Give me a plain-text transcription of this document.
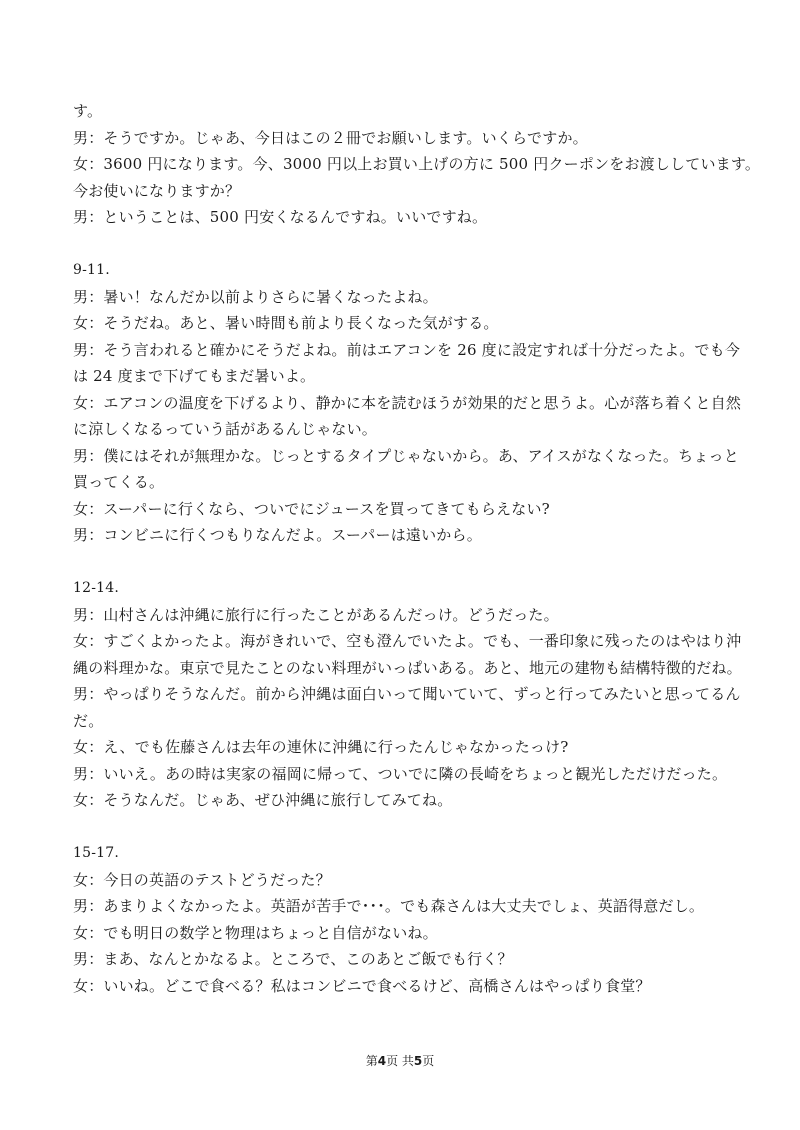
す。
男：そうですか。じゃあ、今日はこの２冊でお願いします。いくらですか。
女：3600 円になります。今、3000 円以上お買い上げの方に 500 円クーポンをお渡ししています。
今お使いになりますか？
男：ということは、500 円安くなるんですね。いいですね。
9-11.
男：暑い！なんだか以前よりさらに暑くなったよね。
女：そうだね。あと、暑い時間も前より長くなった気がする。
男：そう言われると確かにそうだよね。前はエアコンを 26 度に設定すれば十分だったよ。でも今
は 24 度まで下げてもまだ暑いよ。
女：エアコンの温度を下げるより、静かに本を読むほうが効果的だと思うよ。心が落ち着くと自然
に涼しくなるっていう話があるんじゃない。
男：僕にはそれが無理かな。じっとするタイプじゃないから。あ、アイスがなくなった。ちょっと
買ってくる。
女：スーパーに行くなら、ついでにジュースを買ってきてもらえない?
男：コンビニに行くつもりなんだよ。スーパーは遠いから。
12-14.
男：山村さんは沖縄に旅行に行ったことがあるんだっけ。どうだった。
女：すごくよかったよ。海がきれいで、空も澄んでいたよ。でも、一番印象に残ったのはやはり沖
縄の料理かな。東京で見たことのない料理がいっぱいある。あと、地元の建物も結構特徴的だね。
男：やっぱりそうなんだ。前から沖縄は面白いって聞いていて、ずっと行ってみたいと思ってるん
だ。
女：え、でも佐藤さんは去年の連休に沖縄に行ったんじゃなかったっけ?
男：いいえ。あの時は実家の福岡に帰って、ついでに隣の長崎をちょっと観光しただけだった。
女：そうなんだ。じゃあ、ぜひ沖縄に旅行してみてね。
15-17.
女：今日の英語のテストどうだった？
男：あまりよくなかったよ。英語が苦手で･･･。でも森さんは大丈夫でしょ、英語得意だし。
女：でも明日の数学と物理はちょっと自信がないね。
男：まあ、なんとかなるよ。ところで、このあとご飯でも行く？
女：いいね。どこで食べる？私はコンビニで食べるけど、高橋さんはやっぱり食堂？
第4页 共5页
